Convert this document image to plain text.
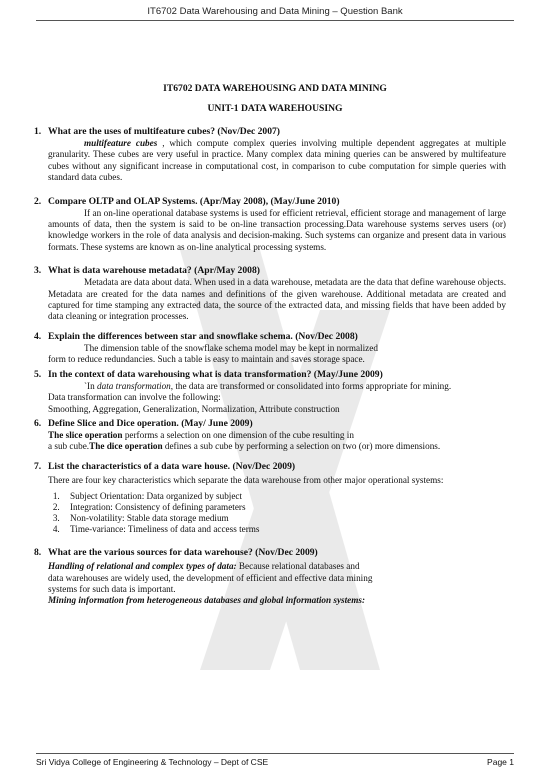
IT6702 Data Warehousing and Data Mining – Question Bank
IT6702 DATA WAREHOUSING AND DATA MINING
UNIT-1 DATA WAREHOUSING

1. What are the uses of multifeature cubes? (Nov/Dec 2007)

multifeature cubes , which compute complex queries involving multiple dependent aggregates at multiple granularity. These cubes are very useful in practice. Many complex data mining queries can be answered by multifeature cubes without any significant increase in computational cost, in comparison to cube computation for simple queries with standard data cubes.

2. Compare OLTP and OLAP Systems. (Apr/May 2008), (May/June 2010)

If an on-line operational database systems is used for efficient retrieval, efficient storage and management of large amounts of data, then the system is said to be on-line transaction processing.Data warehouse systems serves users (or) knowledge workers in the role of data analysis and decision-making. Such systems can organize and present data in various formats. These systems are known as on-line analytical processing systems.

3. What is data warehouse metadata? (Apr/May 2008)

Metadata are data about data. When used in a data warehouse, metadata are the data that define warehouse objects. Metadata are created for the data names and definitions of the given warehouse. Additional metadata are created and captured for time stamping any extracted data, the source of the extracted data, and missing fields that have been added by data cleaning or integration processes.

4. Explain the differences between star and snowflake schema. (Nov/Dec 2008)

The dimension table of the snowflake schema model may be kept in normalized

form to reduce redundancies. Such a table is easy to maintain and saves storage space.

5. In the context of data warehousing what is data transformation? (May/June 2009)

`In data transformation, the data are transformed or consolidated into forms appropriate for mining.

Data transformation can involve the following:

Smoothing, Aggregation, Generalization, Normalization, Attribute construction

6. Define Slice and Dice operation. (May/ June 2009)

The slice operation performs a selection on one dimension of the cube resulting in

a sub cube.The dice operation defines a sub cube by performing a selection on two (or) more dimensions.

7. List the characteristics of a data ware house. (Nov/Dec 2009)

There are four key characteristics which separate the data warehouse from other major operational systems:

1. Subject Orientation: Data organized by subject
2. Integration: Consistency of defining parameters
3. Non-volatility: Stable data storage medium
4. Time-variance: Timeliness of data and access terms

8. What are the various sources for data warehouse? (Nov/Dec 2009)

Handling of relational and complex types of data: Because relational databases and

data warehouses are widely used, the development of efficient and effective data mining

systems for such data is important.

Mining information from heterogeneous databases and global information systems:

Sri Vidya College of Engineering & Technology – Dept of CSE	Page 1
